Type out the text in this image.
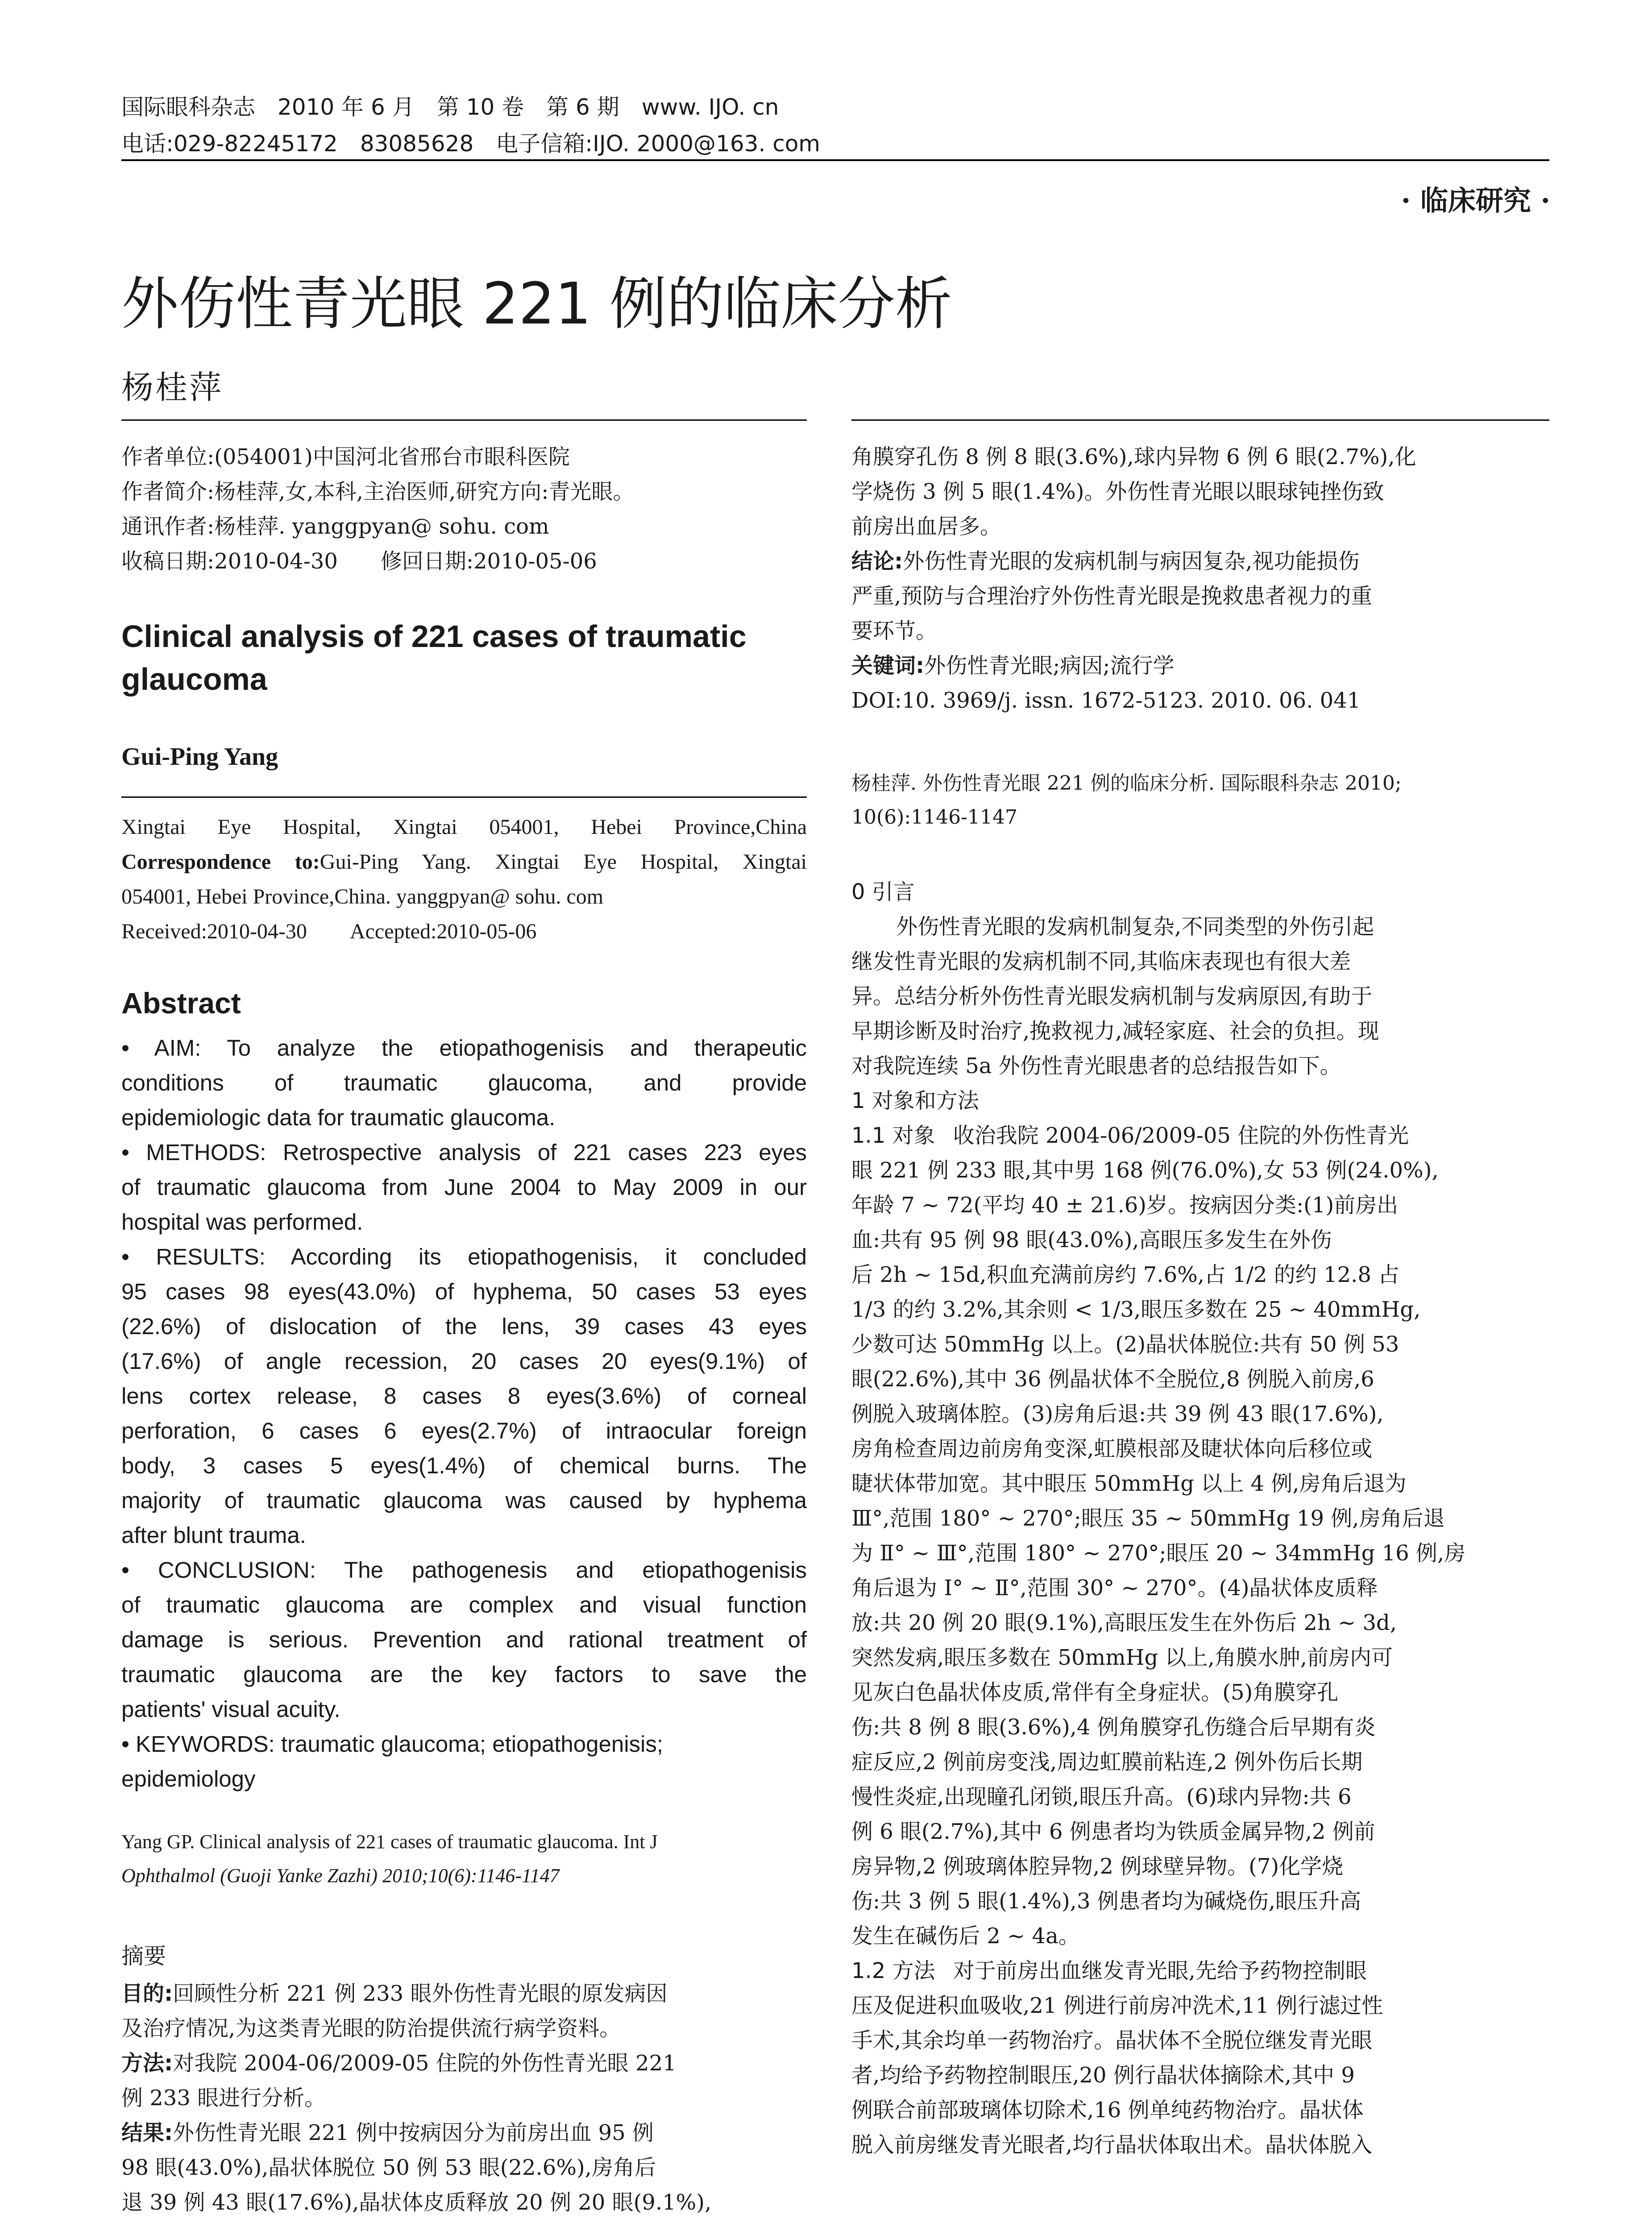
国际眼科杂志　2010 年 6 月　第 10 卷　第 6 期　www. IJO. cn
电话:029-82245172　83085628　电子信箱:IJO. 2000@163. com
· 临床研究 ·
外伤性青光眼 221 例的临床分析
杨桂萍
作者单位:(054001)中国河北省邢台市眼科医院
作者简介:杨桂萍,女,本科,主治医师,研究方向:青光眼。
通讯作者:杨桂萍. yanggpyan@ sohu. com
收稿日期:2010-04-30　　修回日期:2010-05-06
Clinical analysis of 221 cases of traumatic
glaucoma
Gui-Ping Yang
Xingtai Eye Hospital, Xingtai 054001, Hebei Province,China
Correspondence to:Gui-Ping Yang. Xingtai Eye Hospital, Xingtai
054001, Hebei Province,China. yanggpyan@ sohu. com
Received:2010-04-30　　Accepted:2010-05-06
Abstract
• AIM: To analyze the etiopathogenisis and therapeutic
conditions of traumatic glaucoma, and provide
epidemiologic data for traumatic glaucoma.
• METHODS: Retrospective analysis of 221 cases 223 eyes
of traumatic glaucoma from June 2004 to May 2009 in our
hospital was performed.
• RESULTS: According its etiopathogenisis, it concluded
95 cases 98 eyes(43.0%) of hyphema, 50 cases 53 eyes
(22.6%) of dislocation of the lens, 39 cases 43 eyes
(17.6%) of angle recession, 20 cases 20 eyes(9.1%) of
lens cortex release, 8 cases 8 eyes(3.6%) of corneal
perforation, 6 cases 6 eyes(2.7%) of intraocular foreign
body, 3 cases 5 eyes(1.4%) of chemical burns. The
majority of traumatic glaucoma was caused by hyphema
after blunt trauma.
• CONCLUSION: The pathogenesis and etiopathogenisis
of traumatic glaucoma are complex and visual function
damage is serious. Prevention and rational treatment of
traumatic glaucoma are the key factors to save the
patients' visual acuity.
• KEYWORDS: traumatic glaucoma; etiopathogenisis;
epidemiology
Yang GP. Clinical analysis of 221 cases of traumatic glaucoma. Int J
Ophthalmol (Guoji Yanke Zazhi) 2010;10(6):1146-1147
摘要
目的:回顾性分析 221 例 233 眼外伤性青光眼的原发病因
及治疗情况,为这类青光眼的防治提供流行病学资料。
方法:对我院 2004-06/2009-05 住院的外伤性青光眼 221
例 233 眼进行分析。
结果:外伤性青光眼 221 例中按病因分为前房出血 95 例
98 眼(43.0%),晶状体脱位 50 例 53 眼(22.6%),房角后
退 39 例 43 眼(17.6%),晶状体皮质释放 20 例 20 眼(9.1%),
角膜穿孔伤 8 例 8 眼(3.6%),球内异物 6 例 6 眼(2.7%),化
学烧伤 3 例 5 眼(1.4%)。外伤性青光眼以眼球钝挫伤致
前房出血居多。
结论:外伤性青光眼的发病机制与病因复杂,视功能损伤
严重,预防与合理治疗外伤性青光眼是挽救患者视力的重
要环节。
关键词:外伤性青光眼;病因;流行学
DOI:10. 3969/j. issn. 1672-5123. 2010. 06. 041
杨桂萍. 外伤性青光眼 221 例的临床分析. 国际眼科杂志 2010;
10(6):1146-1147
0 引言
外伤性青光眼的发病机制复杂,不同类型的外伤引起
继发性青光眼的发病机制不同,其临床表现也有很大差
异。总结分析外伤性青光眼发病机制与发病原因,有助于
早期诊断及时治疗,挽救视力,减轻家庭、社会的负担。现
对我院连续 5a 外伤性青光眼患者的总结报告如下。
1 对象和方法
1.1 对象 收治我院 2004-06/2009-05 住院的外伤性青光
眼 221 例 233 眼,其中男 168 例(76.0%),女 53 例(24.0%),
年龄 7 ~ 72(平均 40 ± 21.6)岁。按病因分类:(1)前房出
血:共有 95 例 98 眼(43.0%),高眼压多发生在外伤
后 2h ~ 15d,积血充满前房约 7.6%,占 1/2 的约 12.8 占
1/3 的约 3.2%,其余则 < 1/3,眼压多数在 25 ~ 40mmHg,
少数可达 50mmHg 以上。(2)晶状体脱位:共有 50 例 53
眼(22.6%),其中 36 例晶状体不全脱位,8 例脱入前房,6
例脱入玻璃体腔。(3)房角后退:共 39 例 43 眼(17.6%),
房角检查周边前房角变深,虹膜根部及睫状体向后移位或
睫状体带加宽。其中眼压 50mmHg 以上 4 例,房角后退为
Ⅲ°,范围 180° ~ 270°;眼压 35 ~ 50mmHg 19 例,房角后退
为 Ⅱ° ~ Ⅲ°,范围 180° ~ 270°;眼压 20 ~ 34mmHg 16 例,房
角后退为 Ⅰ° ~ Ⅱ°,范围 30° ~ 270°。(4)晶状体皮质释
放:共 20 例 20 眼(9.1%),高眼压发生在外伤后 2h ~ 3d,
突然发病,眼压多数在 50mmHg 以上,角膜水肿,前房内可
见灰白色晶状体皮质,常伴有全身症状。(5)角膜穿孔
伤:共 8 例 8 眼(3.6%),4 例角膜穿孔伤缝合后早期有炎
症反应,2 例前房变浅,周边虹膜前粘连,2 例外伤后长期
慢性炎症,出现瞳孔闭锁,眼压升高。(6)球内异物:共 6
例 6 眼(2.7%),其中 6 例患者均为铁质金属异物,2 例前
房异物,2 例玻璃体腔异物,2 例球壁异物。(7)化学烧
伤:共 3 例 5 眼(1.4%),3 例患者均为碱烧伤,眼压升高
发生在碱伤后 2 ~ 4a。
1.2 方法 对于前房出血继发青光眼,先给予药物控制眼
压及促进积血吸收,21 例进行前房冲洗术,11 例行滤过性
手术,其余均单一药物治疗。晶状体不全脱位继发青光眼
者,均给予药物控制眼压,20 例行晶状体摘除术,其中 9
例联合前部玻璃体切除术,16 例单纯药物治疗。晶状体
脱入前房继发青光眼者,均行晶状体取出术。晶状体脱入
